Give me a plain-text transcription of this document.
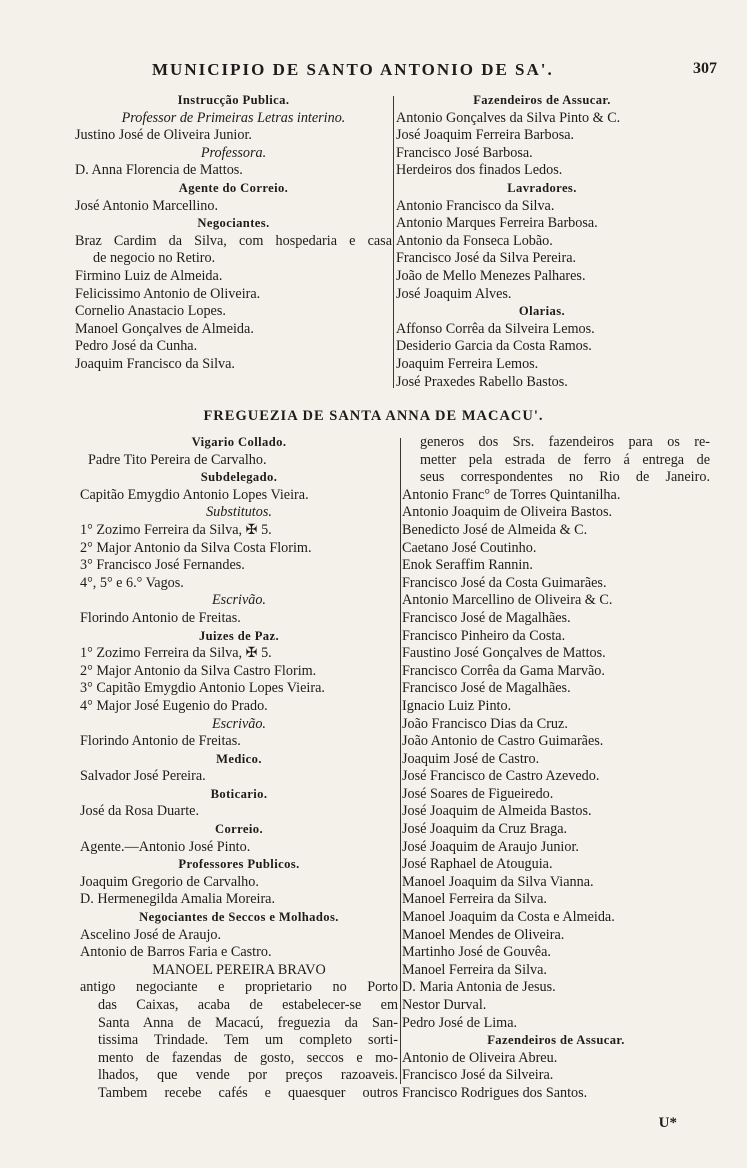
MUNICIPIO DE SANTO ANTONIO DE SA'.	307
Instrucção Publica.
Professor de Primeiras Letras interino.
Justino José de Oliveira Junior.
Professora.
D. Anna Florencia de Mattos.
Agente do Correio.
José Antonio Marcellino.
Negociantes.
Braz Cardim da Silva, com hospedaria e casa
de negocio no Retiro.
Firmino Luiz de Almeida.
Felicissimo Antonio de Oliveira.
Cornelio Anastacio Lopes.
Manoel Gonçalves de Almeida.
Pedro José da Cunha.
Joaquim Francisco da Silva.
Fazendeiros de Assucar.
Antonio Gonçalves da Silva Pinto & C.
José Joaquim Ferreira Barbosa.
Francisco José Barbosa.
Herdeiros dos finados Ledos.
Lavradores.
Antonio Francisco da Silva.
Antonio Marques Ferreira Barbosa.
Antonio da Fonseca Lobão.
Francisco José da Silva Pereira.
João de Mello Menezes Palhares.
José Joaquim Alves.
Olarias.
Affonso Corrêa da Silveira Lemos.
Desiderio Garcia da Costa Ramos.
Joaquim Ferreira Lemos.
José Praxedes Rabello Bastos.
FREGUEZIA DE SANTA ANNA DE MACACU'.
Vigario Collado.
Padre Tito Pereira de Carvalho.
Subdelegado.
Capitão Emygdio Antonio Lopes Vieira.
Substitutos.
1° Zozimo Ferreira da Silva, ✠ 5.
2° Major Antonio da Silva Costa Florim.
3° Francisco José Fernandes.
4°, 5° e 6.° Vagos.
Escrivão.
Florindo Antonio de Freitas.
Juizes de Paz.
1° Zozimo Ferreira da Silva, ✠ 5.
2° Major Antonio da Silva Castro Florim.
3° Capitão Emygdio Antonio Lopes Vieira.
4° Major José Eugenio do Prado.
Escrivão.
Florindo Antonio de Freitas.
Medico.
Salvador José Pereira.
Boticario.
José da Rosa Duarte.
Correio.
Agente.—Antonio José Pinto.
Professores Publicos.
Joaquim Gregorio de Carvalho.
D. Hermenegilda Amalia Moreira.
Negociantes de Seccos e Molhados.
Ascelino José de Araujo.
Antonio de Barros Faria e Castro.
MANOEL PEREIRA BRAVO
antigo negociante e proprietario no Porto
das Caixas, acaba de estabelecer-se em
Santa Anna de Macacú, freguezia da San-
tissima Trindade. Tem um completo sorti-
mento de fazendas de gosto, seccos e mo-
lhados, que vende por preços razoaveis.
Tambem recebe cafés e quaesquer outros
generos dos Srs. fazendeiros para os re-
metter pela estrada de ferro á entrega de
seus correspondentes no Rio de Janeiro.
Antonio Franc° de Torres Quintanilha.
Antonio Joaquim de Oliveira Bastos.
Benedicto José de Almeida & C.
Caetano José Coutinho.
Enok Seraffim Rannin.
Francisco José da Costa Guimarães.
Antonio Marcellino de Oliveira & C.
Francisco José de Magalhães.
Francisco Pinheiro da Costa.
Faustino José Gonçalves de Mattos.
Francisco Corrêa da Gama Marvão.
Francisco José de Magalhães.
Ignacio Luiz Pinto.
João Francisco Dias da Cruz.
João Antonio de Castro Guimarães.
Joaquim José de Castro.
José Francisco de Castro Azevedo.
José Soares de Figueiredo.
José Joaquim de Almeida Bastos.
José Joaquim da Cruz Braga.
José Joaquim de Araujo Junior.
José Raphael de Atouguia.
Manoel Joaquim da Silva Vianna.
Manoel Ferreira da Silva.
Manoel Joaquim da Costa e Almeida.
Manoel Mendes de Oliveira.
Martinho José de Gouvêa.
Manoel Ferreira da Silva.
D. Maria Antonia de Jesus.
Nestor Durval.
Pedro José de Lima.
Fazendeiros de Assucar.
Antonio de Oliveira Abreu.
Francisco José da Silveira.
Francisco Rodrigues dos Santos.
U*
